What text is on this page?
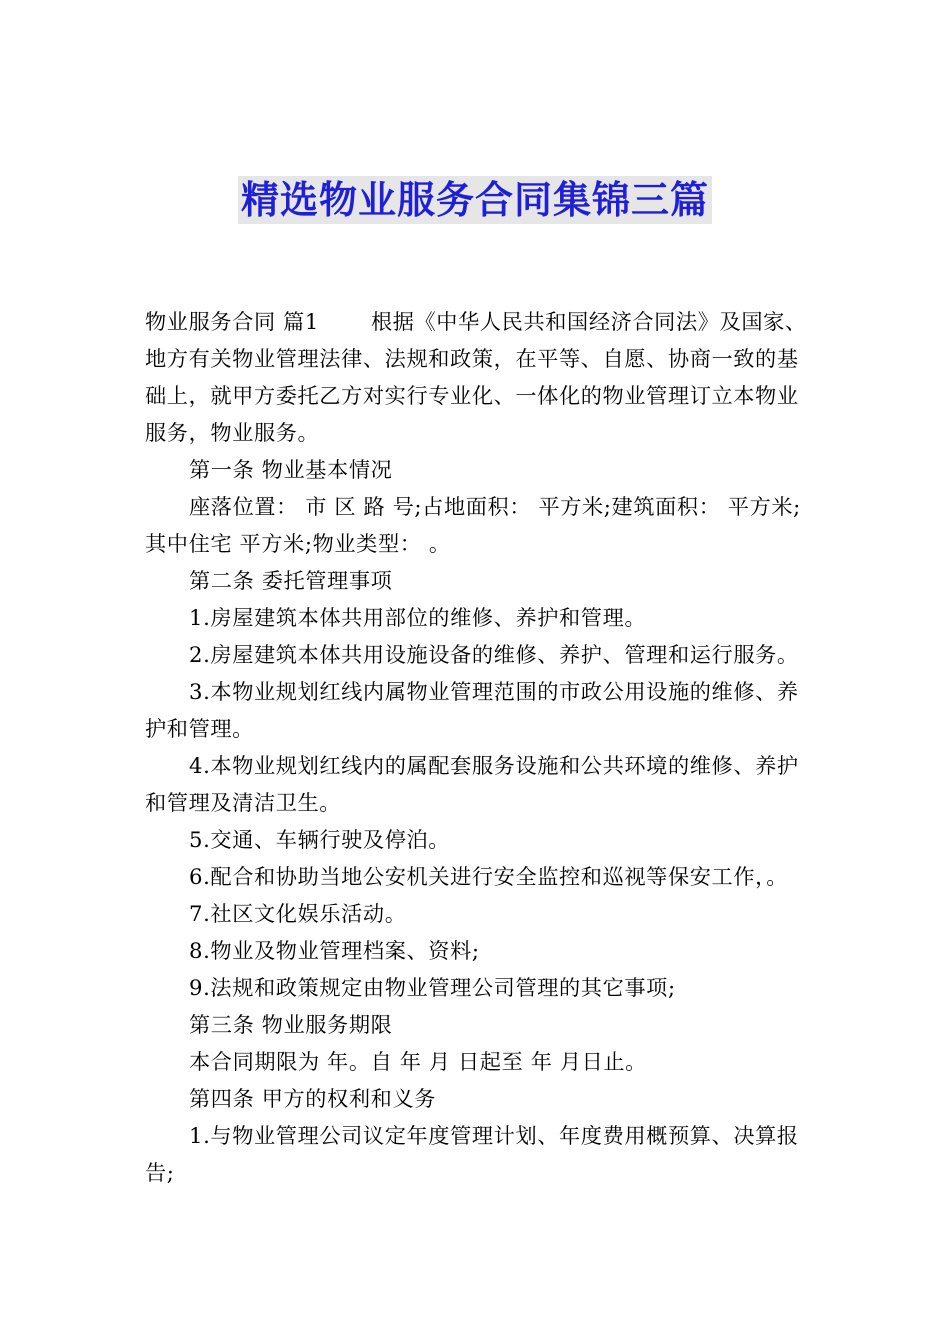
精选物业服务合同集锦三篇

物业服务合同 篇1 根据《中华人民共和国经济合同法》及国家、地方有关物业管理法律、法规和政策，在平等、自愿、协商一致的基础上，就甲方委托乙方对实行专业化、一体化的物业管理订立本物业服务，物业服务。

第一条 物业基本情况

座落位置： 市 区 路 号;占地面积： 平方米;建筑面积： 平方米;其中住宅 平方米;物业类型： 。

第二条 委托管理事项

1.房屋建筑本体共用部位的维修、养护和管理。

2.房屋建筑本体共用设施设备的维修、养护、管理和运行服务。

3.本物业规划红线内属物业管理范围的市政公用设施的维修、养护和管理。

4.本物业规划红线内的属配套服务设施和公共环境的维修、养护和管理及清洁卫生。

5.交通、车辆行驶及停泊。

6.配合和协助当地公安机关进行安全监控和巡视等保安工作，。

7.社区文化娱乐活动。

8.物业及物业管理档案、资料;

9.法规和政策规定由物业管理公司管理的其它事项;

第三条 物业服务期限

本合同期限为 年。自 年 月 日起至 年 月日止。

第四条 甲方的权利和义务

1.与物业管理公司议定年度管理计划、年度费用概预算、决算报告;
